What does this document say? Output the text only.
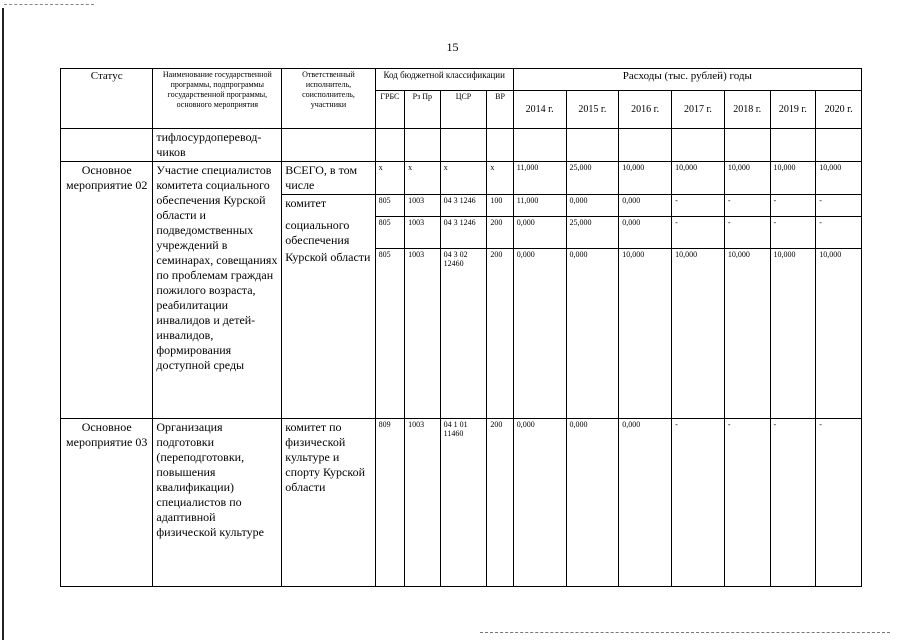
15
Статус	Наименование государственной программы, подпрограммы государственной программы, основного мероприятия	Ответственный исполнитель, соисполнитель, участники	Код бюджетной классификации				Расходы (тыс. рублей) годы						
			ГРБС	Рз Пр	ЦСР	ВР	2014 г.	2015 г.	2016 г.	2017 г.	2018 г.	2019 г.	2020 г.
	тифлосурдоперевод-чиков												
Основное мероприятие 02	Участие специалистов комитета социального обеспечения Курской области и подведомственных учреждений в семинарах, совещаниях по проблемам граждан пожилого возраста, реабилитации инвалидов и детей-инвалидов, формирования доступной среды	ВСЕГО, в том числе	х	х	х	х	11,000	25,000	10,000	10,000	10,000	10,000	10,000
		комитет	805	1003	04 3 1246	100	11,000	0,000	0,000	-	-	-	-
		социального обеспечения	805	1003	04 3 1246	200	0,000	25,000	0,000	-	-	-	-
		Курской области	805	1003	04 3 02 12460	200	0,000	0,000	10,000	10,000	10,000	10,000	10,000
Основное мероприятие 03	Организация подготовки (переподготовки, повышения квалификации) специалистов по адаптивной физической культуре	комитет по физической культуре и спорту Курской области	809	1003	04 1 01 11460	200	0,000	0,000	0,000	-	-	-	-
